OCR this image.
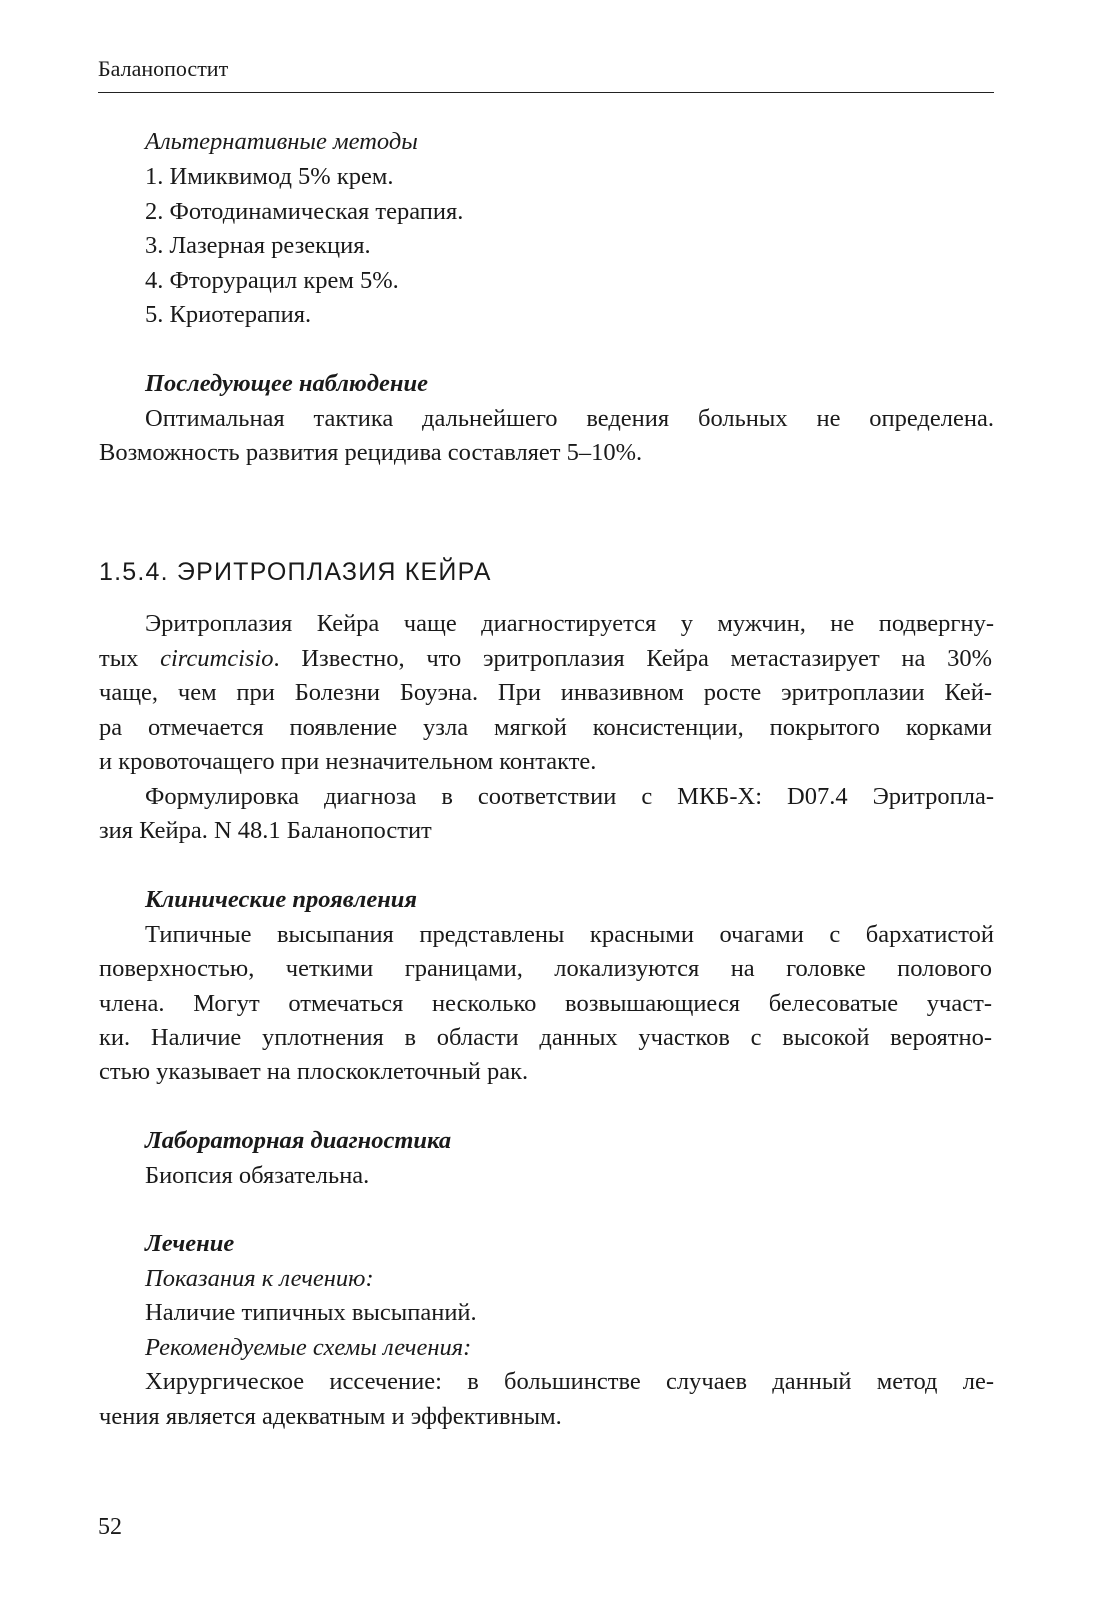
Баланопостит
Альтернативные методы
1. Имиквимод 5% крем.
2. Фотодинамическая терапия.
3. Лазерная резекция.
4. Фторурацил крем 5%.
5. Криотерапия.
Последующее наблюдение
Оптимальная тактика дальнейшего ведения больных не определена.
Возможность развития рецидива составляет 5–10%.
1.5.4. ЭРИТРОПЛАЗИЯ КЕЙРА
Эритроплазия Кейра чаще диагностируется у мужчин, не подвергну-
тых circumcisio. Известно, что эритроплазия Кейра метастазирует на 30%
чаще, чем при Болезни Боуэна. При инвазивном росте эритроплазии Кей-
ра отмечается появление узла мягкой консистенции, покрытого корками
и кровоточащего при незначительном контакте.
Формулировка диагноза в соответствии с МКБ-X: D07.4 Эритропла-
зия Кейра. N 48.1 Баланопостит
Клинические проявления
Типичные высыпания представлены красными очагами с бархатистой
поверхностью, четкими границами, локализуются на головке полового
члена. Могут отмечаться несколько возвышающиеся белесоватые участ-
ки. Наличие уплотнения в области данных участков с высокой вероятно-
стью указывает на плоскоклеточный рак.
Лабораторная диагностика
Биопсия обязательна.
Лечение
Показания к лечению:
Наличие типичных высыпаний.
Рекомендуемые схемы лечения:
Хирургическое иссечение: в большинстве случаев данный метод ле-
чения является адекватным и эффективным.
52
